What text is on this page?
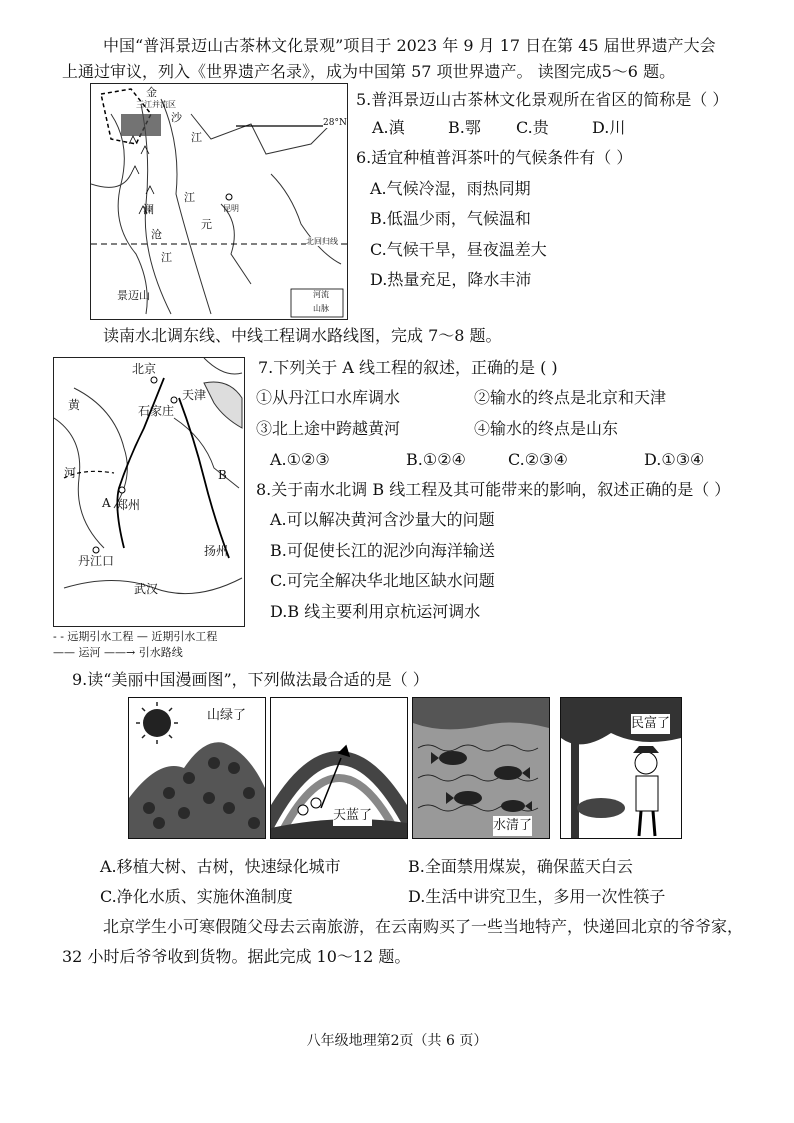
中国“普洱景迈山古茶林文化景观”项目于 2023 年 9 月 17 日在第 45 届世界遗产大会
上通过审议，列入《世界遗产名录》，成为中国第 57 项世界遗产。 读图完成5～6 题。
金
三江并流区
沙
江
江
昆明
澜
沧
江
元
景迈山
28°N
北回归线
河流
山脉
5.普洱景迈山古茶林文化景观所在省区的简称是（ ）
A.滇	B.鄂 C.贵	D.川
6.适宜种植普洱茶叶的气候条件有（ ）
A.气候冷湿，雨热同期
B.低温少雨，气候温和
C.气候干旱，昼夜温差大
D.热量充足，降水丰沛
读南水北调东线、中线工程调水路线图，完成 7～8 题。
北京
天津
石家庄
黄
河
郑州
A
B
丹江口
扬州
武汉
- - 远期引水工程 — 近期引水工程
—— 运河 ——→ 引水路线
7.下列关于 A 线工程的叙述，正确的是 ( )
①从丹江口水库调水	②输水的终点是北京和天津
③北上途中跨越黄河	④输水的终点是山东
A.①②③	B.①②④	C.②③④	D.①③④
8.关于南水北调 B 线工程及其可能带来的影响，叙述正确的是（ ）
A.可以解决黄河含沙量大的问题
B.可促使长江的泥沙向海洋输送
C.可完全解决华北地区缺水问题
D.B 线主要利用京杭运河调水
9.读“美丽中国漫画图”，下列做法最合适的是（ ）
山绿了
天蓝了
水清了
民富了
A.移植大树、古树，快速绿化城市	B.全面禁用煤炭，确保蓝天白云
C.净化水质、实施休渔制度	D.生活中讲究卫生，多用一次性筷子
北京学生小可寒假随父母去云南旅游，在云南购买了一些当地特产，快递回北京的爷爷家，
32 小时后爷爷收到货物。据此完成 10～12 题。
八年级地理第2页（共 6 页）
